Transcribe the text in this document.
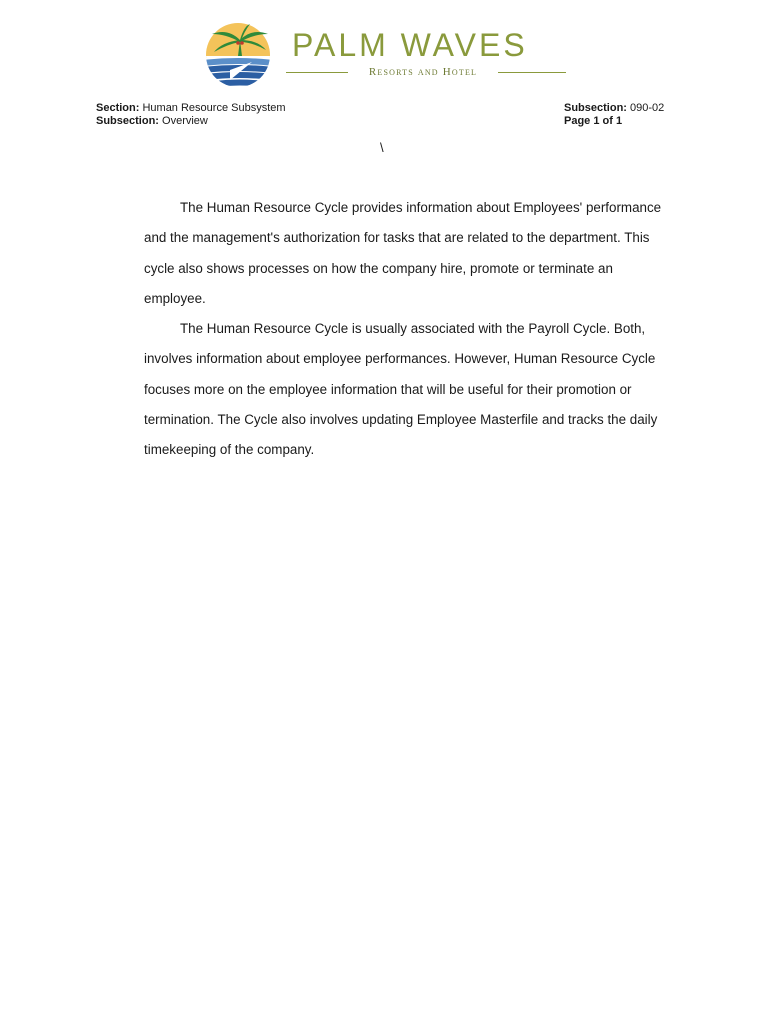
PALM WAVES
Resorts and Hotel
Section: Human Resource Subsystem	Subsection: 090-02
Subsection: Overview	Page 1 of 1
\

The Human Resource Cycle provides information about Employees' performance and the management's authorization for tasks that are related to the department. This cycle also shows processes on how the company hire, promote or terminate an employee.

The Human Resource Cycle is usually associated with the Payroll Cycle. Both, involves information about employee performances. However, Human Resource Cycle focuses more on the employee information that will be useful for their promotion or termination. The Cycle also involves updating Employee Masterfile and tracks the daily timekeeping of the company.
